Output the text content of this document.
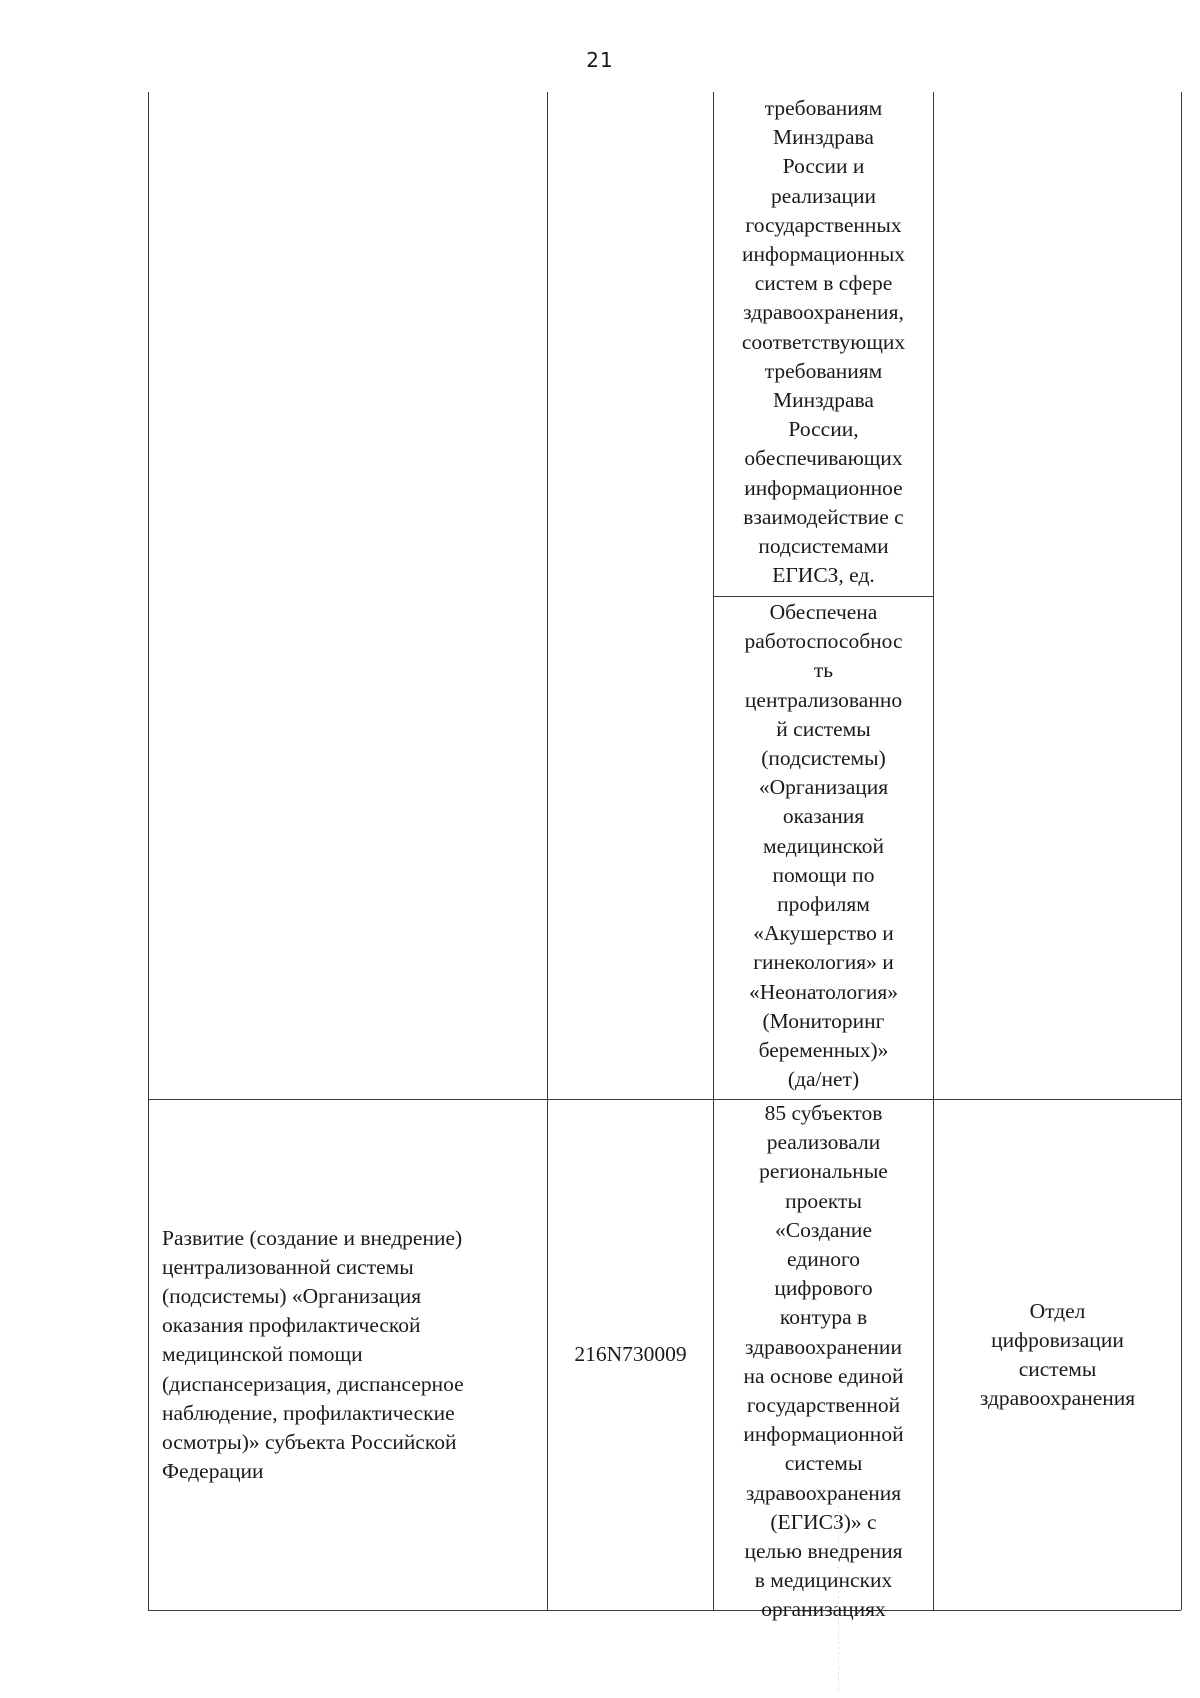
21
требованиям
Минздрава
России и
реализации
государственных
информационных
систем в сфере
здравоохранения,
соответствующих
требованиям
Минздрава
России,
обеспечивающих
информационное
взаимодействие с
подсистемами
ЕГИСЗ, ед.
Обеспечена
работоспособнос
ть
централизованно
й системы
(подсистемы)
«Организация
оказания
медицинской
помощи по
профилям
«Акушерство и
гинекология» и
«Неонатология»
(Мониторинг
беременных)»
(да/нет)
Развитие (создание и внедрение)
централизованной системы
(подсистемы) «Организация
оказания профилактической
медицинской помощи
(диспансеризация, диспансерное
наблюдение, профилактические
осмотры)» субъекта Российской
Федерации
216N730009
85 субъектов
реализовали
региональные
проекты
«Создание
единого
цифрового
контура в
здравоохранении
на основе единой
государственной
информационной
системы
здравоохранения
(ЕГИСЗ)» с
целью внедрения
в медицинских
организациях
Отдел
цифровизации
системы
здравоохранения
